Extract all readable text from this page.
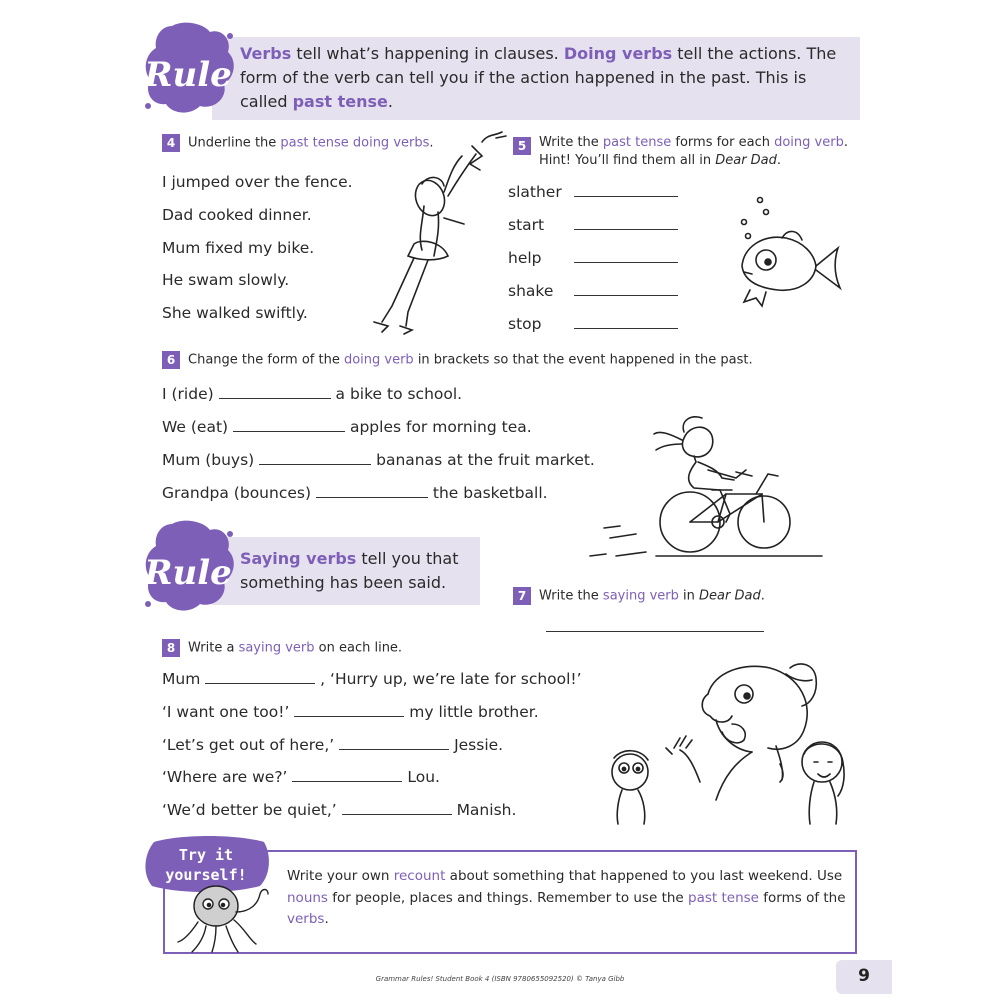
Verbs tell what’s happening in clauses. Doing verbs tell the actions. The form of the verb can tell you if the action happened in the past. This is called past tense.
Rule
4 Underline the past tense doing verbs.
I jumped over the fence.
Dad cooked dinner.
Mum fixed my bike.
He swam slowly.
She walked swiftly.
5 Write the past tense forms for each doing verb. Hint! You’ll find them all in Dear Dad.
slather
start
help
shake
stop
6 Change the form of the doing verb in brackets so that the event happened in the past.
I (ride)	a bike to school.
We (eat)	apples for morning tea.
Mum (buys)	bananas at the fruit market.
Grandpa (bounces)	the basketball.
Saying verbs tell you that
something has been said.
Rule
7 Write the saying verb in Dear Dad.
8 Write a saying verb on each line.
Mum	, ‘Hurry up, we’re late for school!’
‘I want one too!’	my little brother.
‘Let’s get out of here,’	Jessie.
‘Where are we?’	Lou.
‘We’d better be quiet,’	Manish.
Write your own recount about something that happened to you last weekend. Use nouns for people, places and things. Remember to use the past tense forms of the verbs.
Try it
yourself!
Grammar Rules! Student Book 4 (ISBN 9780655092520) © Tanya Gibb	9
